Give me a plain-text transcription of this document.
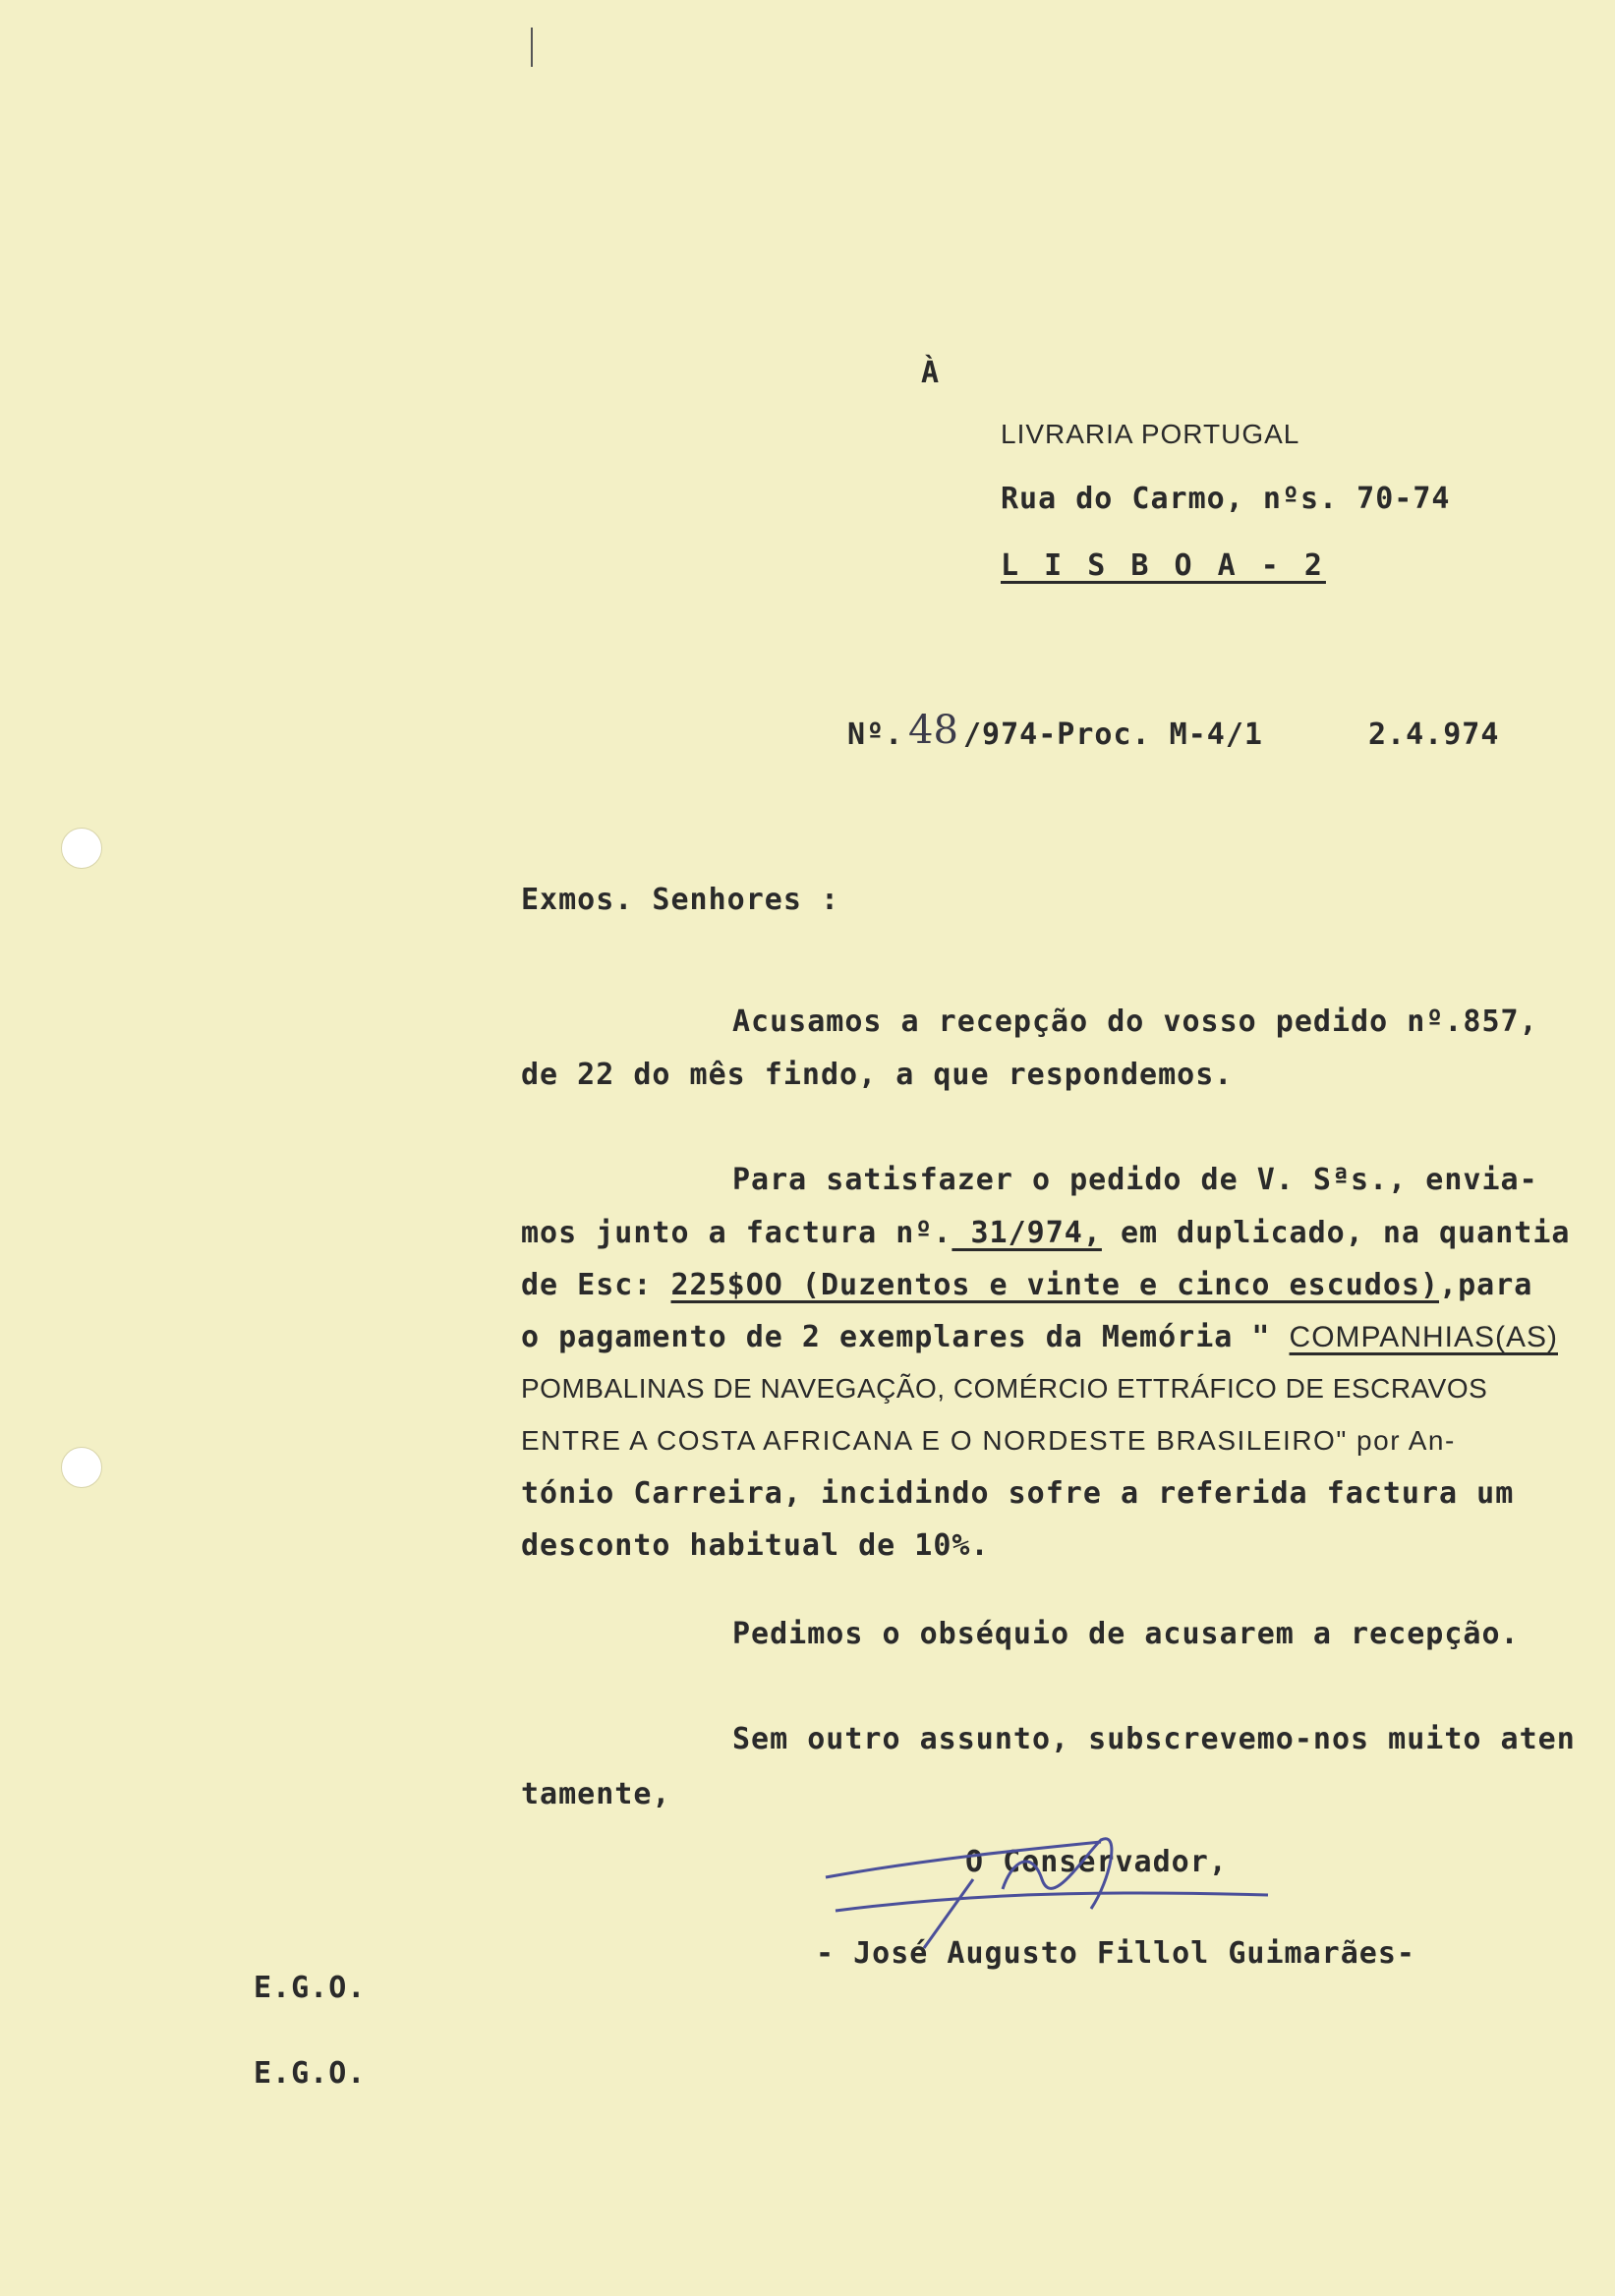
À
LIVRARIA PORTUGAL
Rua do Carmo, nºs. 70-74
L I S B O A - 2
Nº. 48 /974-Proc. M-4/1	2.4.974
Exmos. Senhores :
Acusamos a recepção do vosso pedido nº.857,
de 22 do mês findo, a que respondemos.
Para satisfazer o pedido de V. Sªs., envia-
mos junto a factura nº. 31/974, em duplicado, na quantia
de Esc: 225$OO (Duzentos e vinte e cinco escudos),para
o pagamento de 2 exemplares da Memória " COMPANHIAS(AS)
POMBALINAS DE NAVEGAÇÃO, COMÉRCIO ETTRÁFICO DE ESCRAVOS
ENTRE A COSTA AFRICANA E O NORDESTE BRASILEIRO" por An-
tónio Carreira, incidindo sofre a referida factura um
desconto habitual de 10%.
Pedimos o obséquio de acusarem a recepção.
Sem outro assunto, subscrevemo-nos muito aten
tamente,
O Conservador,
- José Augusto Fillol Guimarães-
E.G.O.
E.G.O.
